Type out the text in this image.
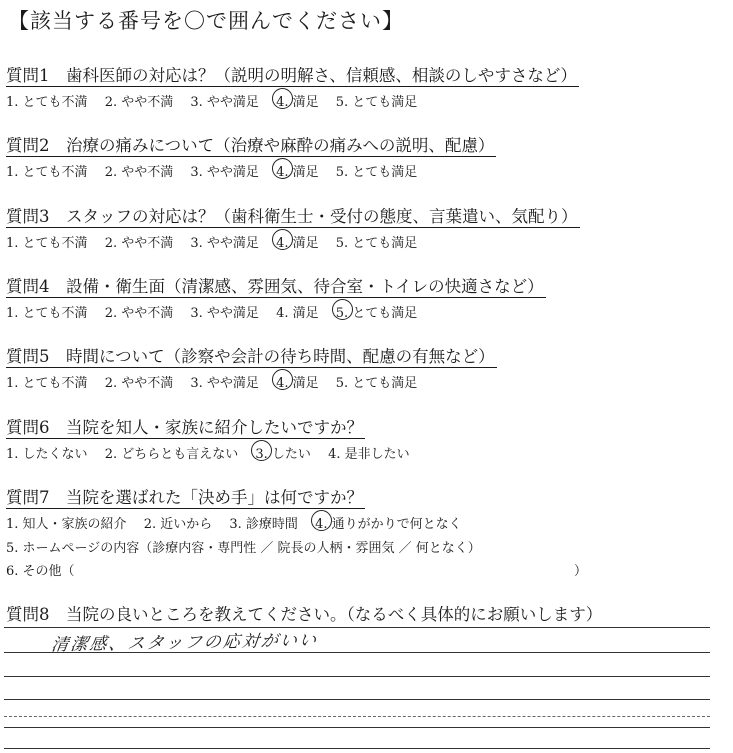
【該当する番号を〇で囲んでください】
質問1　歯科医師の対応は？（説明の明解さ、信頼感、相談のしやすさなど）
1. とても不満 2. やや不満 3. やや満足 4. 満足 5. とても満足
質問2　治療の痛みについて（治療や麻酔の痛みへの説明、配慮）
1. とても不満 2. やや不満 3. やや満足 4. 満足 5. とても満足
質問3　スタッフの対応は？（歯科衛生士・受付の態度、言葉遣い、気配り）
1. とても不満 2. やや不満 3. やや満足 4. 満足 5. とても満足
質問4　設備・衛生面（清潔感、雰囲気、待合室・トイレの快適さなど）
1. とても不満 2. やや不満 3. やや満足 4. 満足 5. とても満足
質問5　時間について（診察や会計の待ち時間、配慮の有無など）
1. とても不満 2. やや不満 3. やや満足 4. 満足 5. とても満足
質問6　当院を知人・家族に紹介したいですか？
1. したくない 2. どちらとも言えない 3. したい 4. 是非したい
質問7　当院を選ばれた「決め手」は何ですか？
1. 知人・家族の紹介 2. 近いから 3. 診療時間 4. 通りがかりで何となく
5. ホームページの内容（診療内容・専門性 ／ 院長の人柄・雰囲気 ／ 何となく）
6. その他（	）
質問8　当院の良いところを教えてください。（なるべく具体的にお願いします）
清潔感、スタッフの応対がいい
